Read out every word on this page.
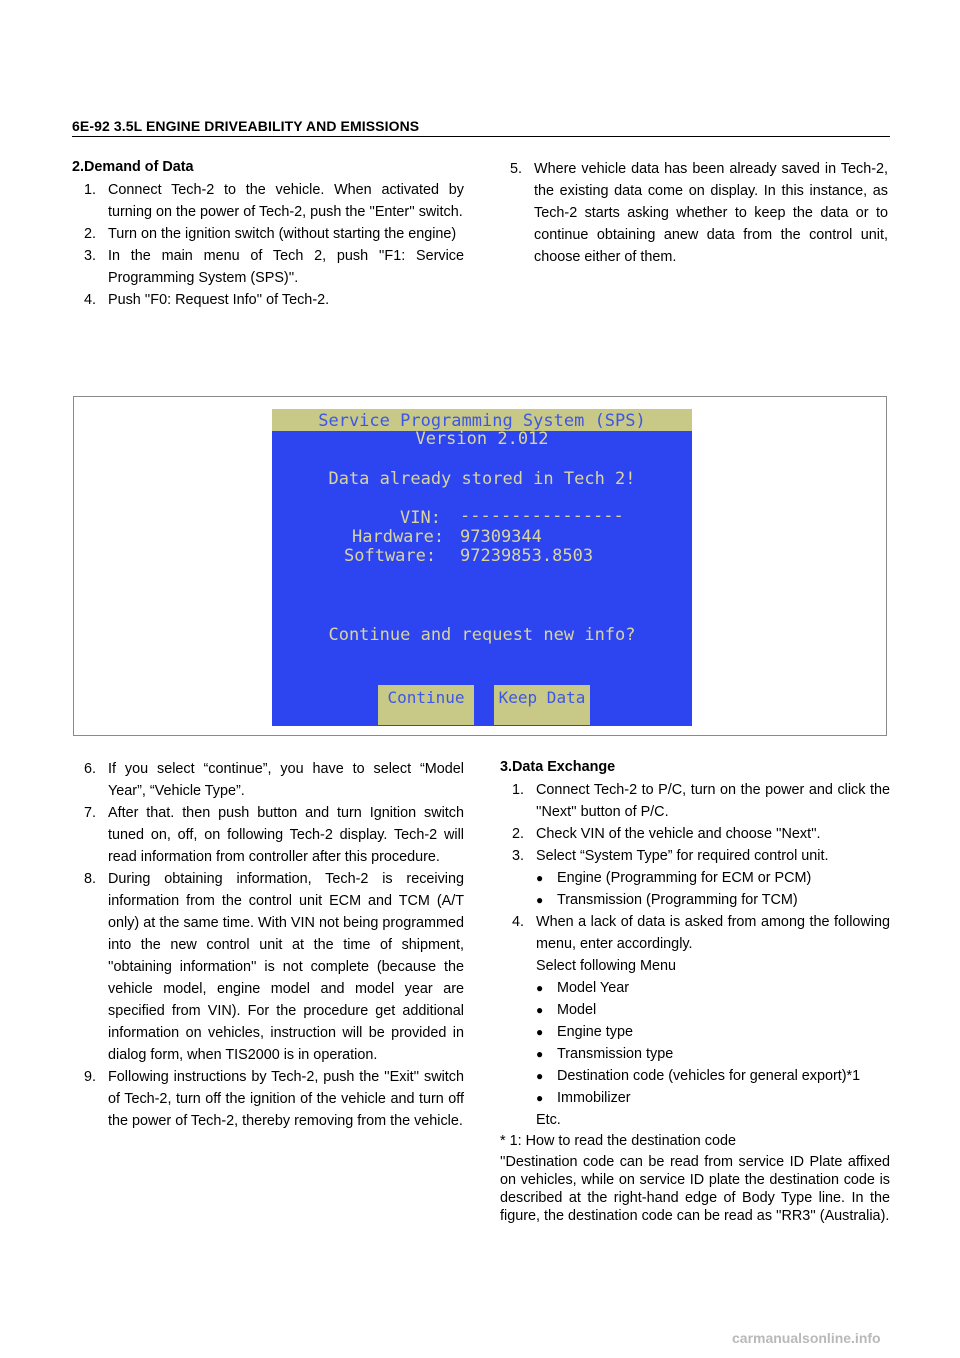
6E-92 3.5L ENGINE DRIVEABILITY AND EMISSIONS
2.Demand of Data
1. Connect Tech-2 to the vehicle. When activated by turning on the power of Tech-2, push the ''Enter'' switch.
2. Turn on the ignition switch (without starting the engine)
3. In the main menu of Tech 2, push ''F1: Service Programming System (SPS)''.
4. Push ''F0: Request Info'' of Tech-2.
5. Where vehicle data has been already saved in Tech-2, the existing data come on display. In this instance, as Tech-2 starts asking whether to keep the data or to continue obtaining anew data from the control unit, choose either of them.
Service Programming System (SPS)
Version 2.012
Data already stored in Tech 2!
VIN: ----------------
Hardware: 97309344
Software: 97239853.8503
Continue and request new info?
Continue	Keep Data
6. If you select “continue”, you have to select “Model Year”, “Vehicle Type”.
7. After that. then push button and turn Ignition switch tuned on, off, on following Tech-2 display. Tech-2 will read information from controller after this procedure.
8. During obtaining information, Tech-2 is receiving information from the control unit ECM and TCM (A/T only) at the same time. With VIN not being programmed into the new control unit at the time of shipment, ''obtaining information'' is not complete (because the vehicle model, engine model and model year are specified from VIN). For the procedure get additional information on vehicles, instruction will be provided in dialog form, when TIS2000 is in operation.
9. Following instructions by Tech-2, push the ''Exit'' switch of Tech-2, turn off the ignition of the vehicle and turn off the power of Tech-2, thereby removing from the vehicle.
3.Data Exchange
1. Connect Tech-2 to P/C, turn on the power and click the ''Next'' button of P/C.
2. Check VIN of the vehicle and choose ''Next''.
3. Select “System Type” for required control unit.
● Engine (Programming for ECM or PCM)
● Transmission (Programming for TCM)
4. When a lack of data is asked from among the following menu, enter accordingly.
Select following Menu
● Model Year
● Model
● Engine type
● Transmission type
● Destination code (vehicles for general export)*1
● Immobilizer
Etc.
* 1: How to read the destination code
''Destination code can be read from service ID Plate affixed on vehicles, while on service ID plate the destination code is described at the right-hand edge of Body Type line. In the figure, the destination code can be read as ''RR3'' (Australia).
carmanualsonline.info
